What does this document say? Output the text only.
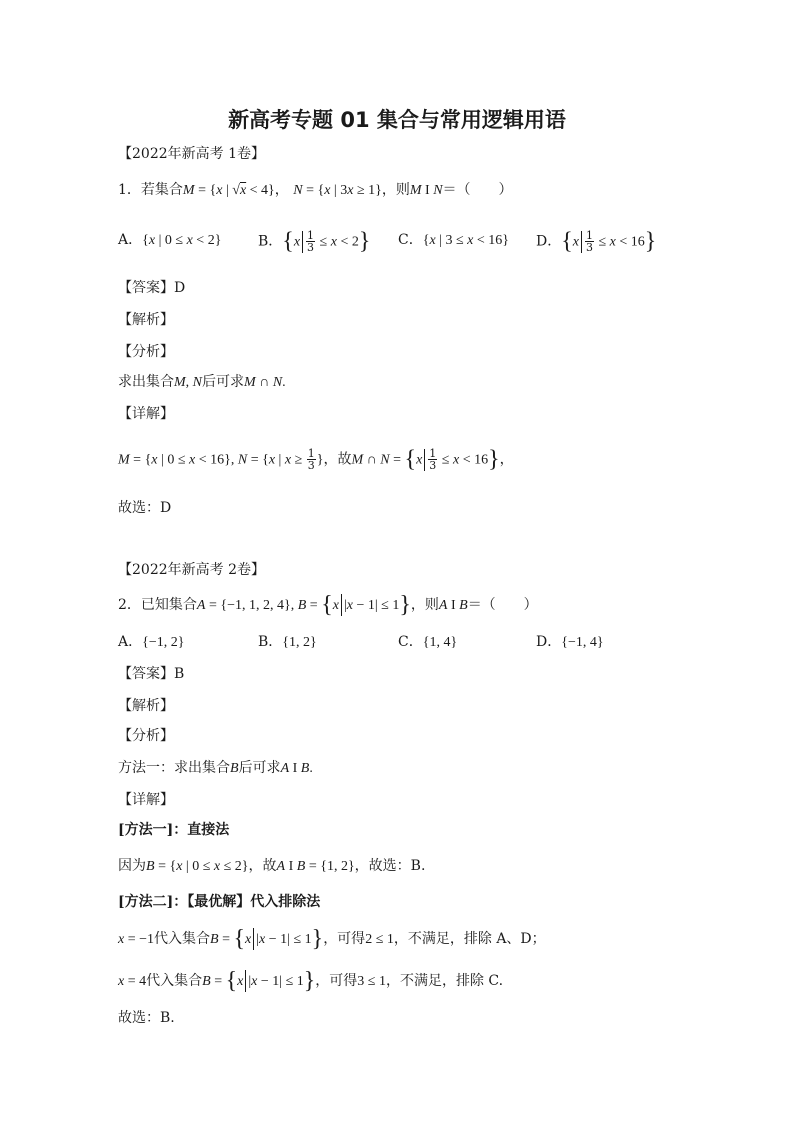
新高考专题 01 集合与常用逻辑用语
【2022年新高考 1卷】
1．若集合M = {x | √x < 4}， N = {x | 3x ≥ 1}，则M I N＝（　　）
A．{x | 0 ≤ x < 2}	B．$\{x \frac{1}{3} \le x < 2\}$ C．{x | 3 ≤ x < 16} D．$\{x \frac{1}{3} \le x < 16\}$
【答案】D
【解析】
【分析】
求出集合M, N后可求M ∩ N.
【详解】
M = {x | 0 ≤ x < 16}, N = {x | $x \ge \frac{1}{3}$ }，故M ∩ $N = \{x \frac{1}{3} \le x < 16\}$，
故选：D
【2022年新高考 2卷】
2．已知集合A = {−1, 1, 2, 4}, B = {x |x − 1| ≤ 1}，则A I B＝（　　）
A．{−1, 2}	B．{1, 2}	C．{1, 4}	D．{−1, 4}
【答案】B
【解析】
【分析】
方法一：求出集合B后可求A I B.
【详解】
[方法一]：直接法
因为B = {x | 0 ≤ x ≤ 2}，故A I B = {1, 2}，故选：B.
[方法二]：【最优解】代入排除法
x = −1代入集合B = {x |x − 1| ≤ 1}，可得2 ≤ 1，不满足，排除 A、D；
x = 4代入集合B = {x |x − 1| ≤ 1}，可得3 ≤ 1，不满足，排除 C.
故选：B.
